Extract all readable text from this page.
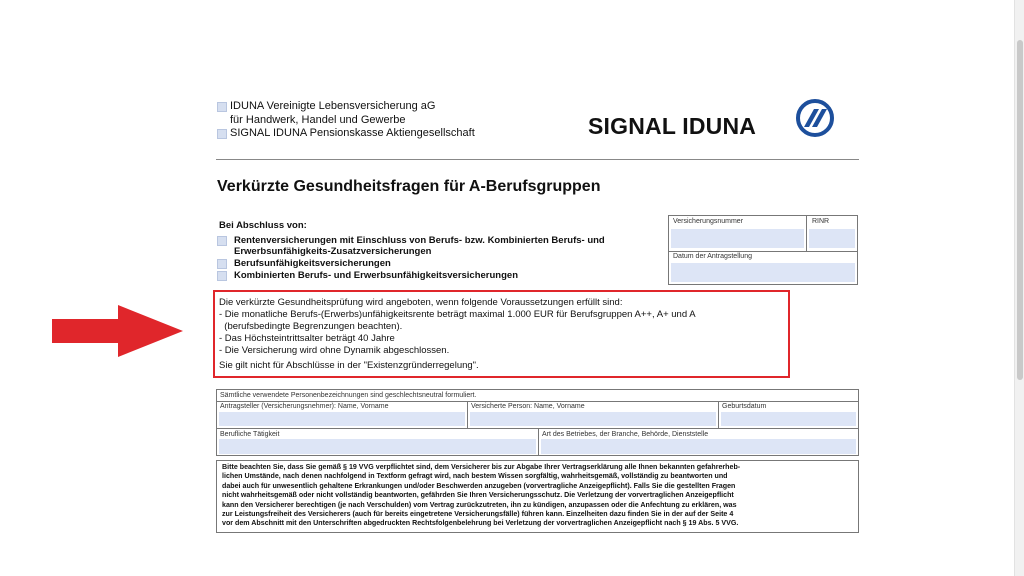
IDUNA Vereinigte Lebensversicherung aG
für Handwerk, Handel und Gewerbe
SIGNAL IDUNA Pensionskasse Aktiengesellschaft	SIGNAL IDUNA
Verkürzte Gesundheitsfragen für A-Berufsgruppen
Bei Abschluss von:
Rentenversicherungen mit Einschluss von Berufs- bzw. Kombinierten Berufs- und
Erwerbsunfähigkeits-Zusatzversicherungen
Berufsunfähigkeitsversicherungen
Kombinierten Berufs- und Erwerbsunfähigkeitsversicherungen
Versicherungsnummer	RINR
Datum der Antragstellung
Die verkürzte Gesundheitsprüfung wird angeboten, wenn folgende Voraussetzungen erfüllt sind:
- Die monatliche Berufs-(Erwerbs)unfähigkeitsrente beträgt maximal 1.000 EUR für Berufsgruppen A++, A+ und A
(berufsbedingte Begrenzungen beachten).
- Das Höchsteintrittsalter beträgt 40 Jahre
- Die Versicherung wird ohne Dynamik abgeschlossen.
Sie gilt nicht für Abschlüsse in der "Existenzgründerregelung".
Sämtliche verwendete Personenbezeichnungen sind geschlechtsneutral formuliert.
Antragsteller (Versicherungsnehmer): Name, Vorname	Versicherte Person: Name, Vorname	Geburtsdatum
Berufliche Tätigkeit	Art des Betriebes, der Branche, Behörde, Dienststelle
Bitte beachten Sie, dass Sie gemäß § 19 VVG verpflichtet sind, dem Versicherer bis zur Abgabe Ihrer Vertragserklärung alle Ihnen bekannten gefahrerheb-
lichen Umstände, nach denen nachfolgend in Textform gefragt wird, nach bestem Wissen sorgfältig, wahrheitsgemäß, vollständig zu beantworten und
dabei auch für unwesentlich gehaltene Erkrankungen und/oder Beschwerden anzugeben (vorvertragliche Anzeigepflicht). Falls Sie die gestellten Fragen
nicht wahrheitsgemäß oder nicht vollständig beantworten, gefährden Sie Ihren Versicherungsschutz. Die Verletzung der vorvertraglichen Anzeigepflicht
kann den Versicherer berechtigen (je nach Verschulden) vom Vertrag zurückzutreten, ihn zu kündigen, anzupassen oder die Anfechtung zu erklären, was
zur Leistungsfreiheit des Versicherers (auch für bereits eingetretene Versicherungsfälle) führen kann. Einzelheiten dazu finden Sie in der auf der Seite 4
vor dem Abschnitt mit den Unterschriften abgedruckten Rechtsfolgenbelehrung bei Verletzung der vorvertraglichen Anzeigepflicht nach § 19 Abs. 5 VVG.
